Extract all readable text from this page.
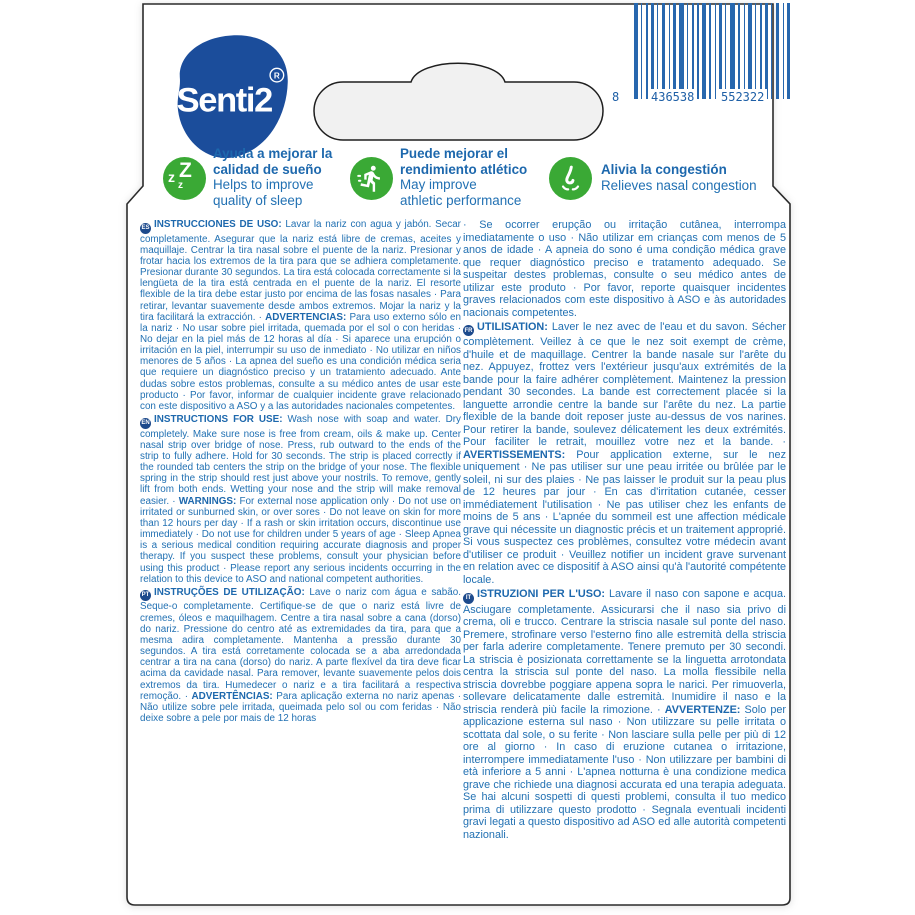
Senti2
R
8	436538 552322
Z
z
z
Ayuda a mejorar la
calidad de sueño
Helps to improve
quality of sleep
Puede mejorar el
rendimiento atlético
May improve
athletic performance
Alivia la congestión
Relieves nasal congestion

ES INSTRUCCIONES DE USO: Lavar la nariz con agua y jabón. Secar completamente. Asegurar que la nariz está libre de cremas, aceites y maquillaje. Centrar la tira nasal sobre el puente de la nariz. Presionar y frotar hacia los extremos de la tira para que se adhiera completamente. Presionar durante 30 segundos. La tira está colocada correctamente si la lengüeta de la tira está centrada en el puente de la nariz. El resorte flexible de la tira debe estar justo por encima de las fosas nasales · Para retirar, levantar suavemente desde ambos extremos. Mojar la nariz y la tira facilitará la extracción. · ADVERTENCIAS: Para uso externo sólo en la nariz · No usar sobre piel irritada, quemada por el sol o con heridas · No dejar en la piel más de 12 horas al día · Si aparece una erupción o irritación en la piel, interrumpir su uso de inmediato · No utilizar en niños menores de 5 años · La apnea del sueño es una condición médica seria que requiere un diagnóstico preciso y un tratamiento adecuado. Ante dudas sobre estos problemas, consulte a su médico antes de usar este producto · Por favor, informar de cualquier incidente grave relacionado con este dispositivo a ASO y a las autoridades nacionales competentes.

EN INSTRUCTIONS FOR USE: Wash nose with soap and water. Dry completely. Make sure nose is free from cream, oils & make up. Center nasal strip over bridge of nose. Press, rub outward to the ends of the strip to fully adhere. Hold for 30 seconds. The strip is placed correctly if the rounded tab centers the strip on the bridge of your nose. The flexible spring in the strip should rest just above your nostrils. To remove, gently lift from both ends. Wetting your nose and the strip will make removal easier. · WARNINGS: For external nose application only · Do not use on irritated or sunburned skin, or over sores · Do not leave on skin for more than 12 hours per day · If a rash or skin irritation occurs, discontinue use immediately · Do not use for children under 5 years of age · Sleep Apnea is a serious medical condition requiring accurate diagnosis and proper therapy. If you suspect these problems, consult your physician before using this product · Please report any serious incidents occurring in the relation to this device to ASO and national competent authorities.

PT INSTRUÇÕES DE UTILIZAÇÃO: Lave o nariz com água e sabão. Seque-o completamente. Certifique-se de que o nariz está livre de cremes, óleos e maquilhagem. Centre a tira nasal sobre a cana (dorso) do nariz. Pressione do centro até as extremidades da tira, para que a mesma adira completamente. Mantenha a pressão durante 30 segundos. A tira está corretamente colocada se a aba arredondada centrar a tira na cana (dorso) do nariz. A parte flexível da tira deve ficar acima da cavidade nasal. Para remover, levante suavemente pelos dois extremos da tira. Humedecer o nariz e a tira facilitará a respectiva remoção. · ADVERTÊNCIAS: Para aplicação externa no nariz apenas · Não utilize sobre pele irritada, queimada pelo sol ou com feridas · Não deixe sobre a pele por mais de 12 horas

· Se ocorrer erupção ou irritação cutânea, interrompa imediatamente o uso · Não utilizar em crianças com menos de 5 anos de idade · A apneia do sono é uma condição médica grave que requer diagnóstico preciso e tratamento adequado. Se suspeitar destes problemas, consulte o seu médico antes de utilizar este produto · Por favor, reporte quaisquer incidentes graves relacionados com este dispositivo à ASO e às autoridades nacionais competentes.

FR UTILISATION: Laver le nez avec de l'eau et du savon. Sécher complètement. Veillez à ce que le nez soit exempt de crème, d'huile et de maquillage. Centrer la bande nasale sur l'arête du nez. Appuyez, frottez vers l'extérieur jusqu'aux extrémités de la bande pour la faire adhérer complètement. Maintenez la pression pendant 30 secondes. La bande est correctement placée si la languette arrondie centre la bande sur l'arête du nez. La partie flexible de la bande doit reposer juste au-dessus de vos narines. Pour retirer la bande, soulevez délicatement les deux extrémités. Pour faciliter le retrait, mouillez votre nez et la bande. · AVERTISSEMENTS: Pour application externe, sur le nez uniquement · Ne pas utiliser sur une peau irritée ou brûlée par le soleil, ni sur des plaies · Ne pas laisser le produit sur la peau plus de 12 heures par jour · En cas d'irritation cutanée, cesser immédiatement l'utilisation · Ne pas utiliser chez les enfants de moins de 5 ans · L'apnée du sommeil est une affection médicale grave qui nécessite un diagnostic précis et un traitement approprié. Si vous suspectez ces problèmes, consultez votre médecin avant d'utiliser ce produit · Veuillez notifier un incident grave survenant en relation avec ce dispositif à ASO ainsi qu'à l'autorité compétente locale.

IT ISTRUZIONI PER L'USO: Lavare il naso con sapone e acqua. Asciugare completamente. Assicurarsi che il naso sia privo di crema, oli e trucco. Centrare la striscia nasale sul ponte del naso. Premere, strofinare verso l'esterno fino alle estremità della striscia per farla aderire completamente. Tenere premuto per 30 secondi. La striscia è posizionata correttamente se la linguetta arrotondata centra la striscia sul ponte del naso. La molla flessibile nella striscia dovrebbe poggiare appena sopra le narici. Per rimuoverla, sollevare delicatamente dalle estremità. Inumidire il naso e la striscia renderà più facile la rimozione. · AVVERTENZE: Solo per applicazione esterna sul naso · Non utilizzare su pelle irritata o scottata dal sole, o su ferite · Non lasciare sulla pelle per più di 12 ore al giorno · In caso di eruzione cutanea o irritazione, interrompere immediatamente l'uso · Non utilizzare per bambini di età inferiore a 5 anni · L'apnea notturna è una condizione medica grave che richiede una diagnosi accurata ed una terapia adeguata. Se hai alcuni sospetti di questi problemi, consulta il tuo medico prima di utilizzare questo prodotto · Segnala eventuali incidenti gravi legati a questo dispositivo ad ASO ed alle autorità competenti nazionali.
